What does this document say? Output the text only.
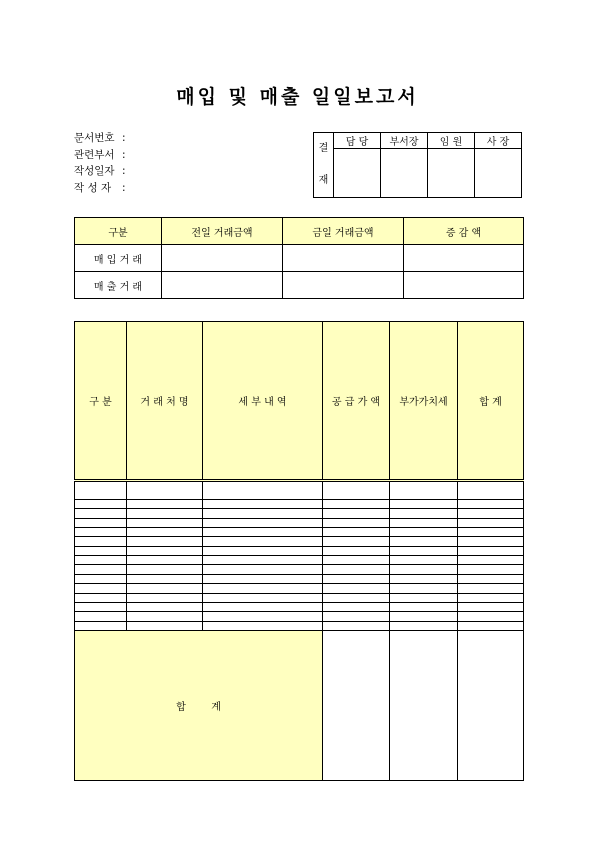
매입 및 매출 일일보고서
문서번호 :
관련부서 :
작성일자 :
작 성 자 :
결
재	담 당	부서장	임 원	사 장

구분	전일 거래금액	금일 거래금액	증 감 액
매 입 거 래			
매 출 거 래			
구 분	거 래 처 명	세 부 내 역	공 급 가 액	부가가치세	합 계

합        계					
